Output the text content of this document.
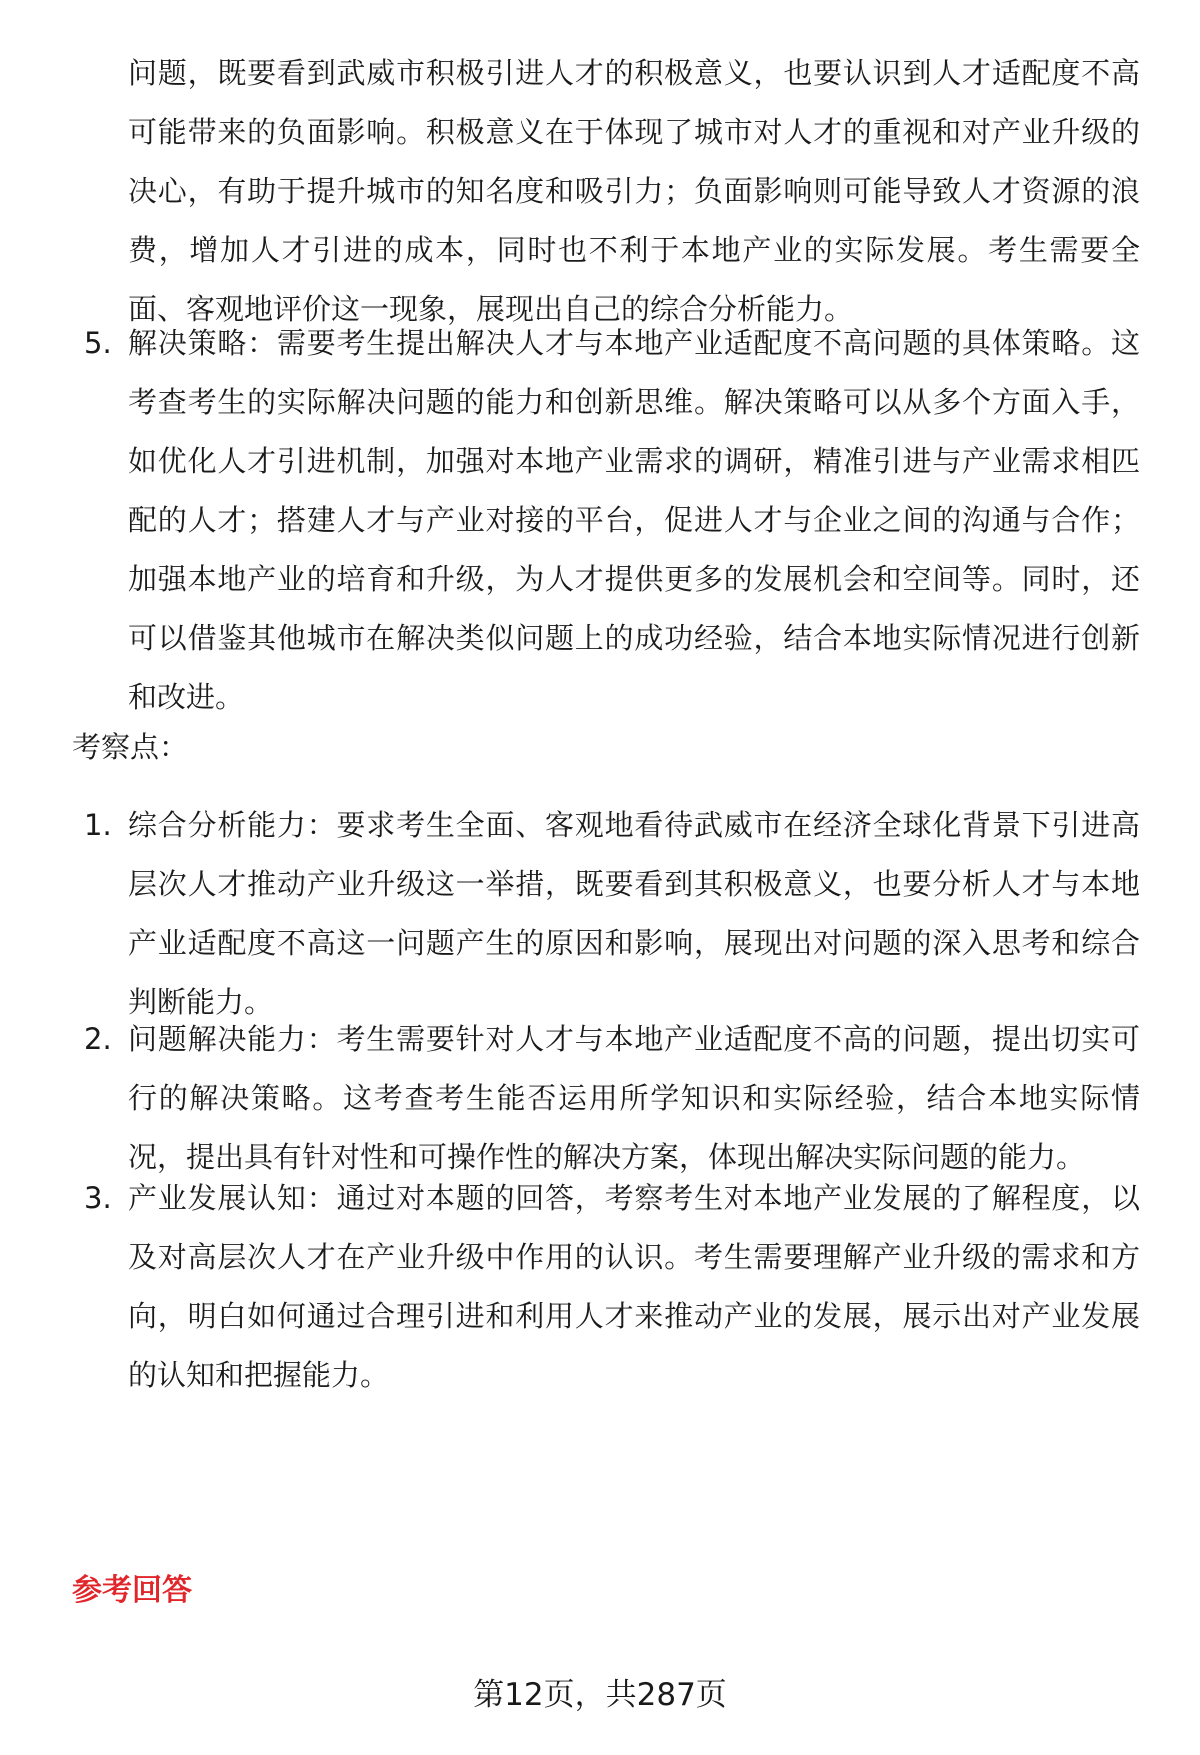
问题，既要看到武威市积极引进人才的积极意义，也要认识到人才适配度不高可能带来的负面影响。积极意义在于体现了城市对人才的重视和对产业升级的决心，有助于提升城市的知名度和吸引力；负面影响则可能导致人才资源的浪费，增加人才引进的成本，同时也不利于本地产业的实际发展。考生需要全面、客观地评价这一现象，展现出自己的综合分析能力。

5. 解决策略：需要考生提出解决人才与本地产业适配度不高问题的具体策略。这考查考生的实际解决问题的能力和创新思维。解决策略可以从多个方面入手，如优化人才引进机制，加强对本地产业需求的调研，精准引进与产业需求相匹配的人才；搭建人才与产业对接的平台，促进人才与企业之间的沟通与合作；加强本地产业的培育和升级，为人才提供更多的发展机会和空间等。同时，还可以借鉴其他城市在解决类似问题上的成功经验，结合本地实际情况进行创新和改进。

考察点：
1. 综合分析能力：要求考生全面、客观地看待武威市在经济全球化背景下引进高层次人才推动产业升级这一举措，既要看到其积极意义，也要分析人才与本地产业适配度不高这一问题产生的原因和影响，展现出对问题的深入思考和综合判断能力。

2. 问题解决能力：考生需要针对人才与本地产业适配度不高的问题，提出切实可行的解决策略。这考查考生能否运用所学知识和实际经验，结合本地实际情况，提出具有针对性和可操作性的解决方案，体现出解决实际问题的能力。

3. 产业发展认知：通过对本题的回答，考察考生对本地产业发展的了解程度，以及对高层次人才在产业升级中作用的认识。考生需要理解产业升级的需求和方向，明白如何通过合理引进和利用人才来推动产业的发展，展示出对产业发展的认知和把握能力。

参考回答
第12页，共287页
